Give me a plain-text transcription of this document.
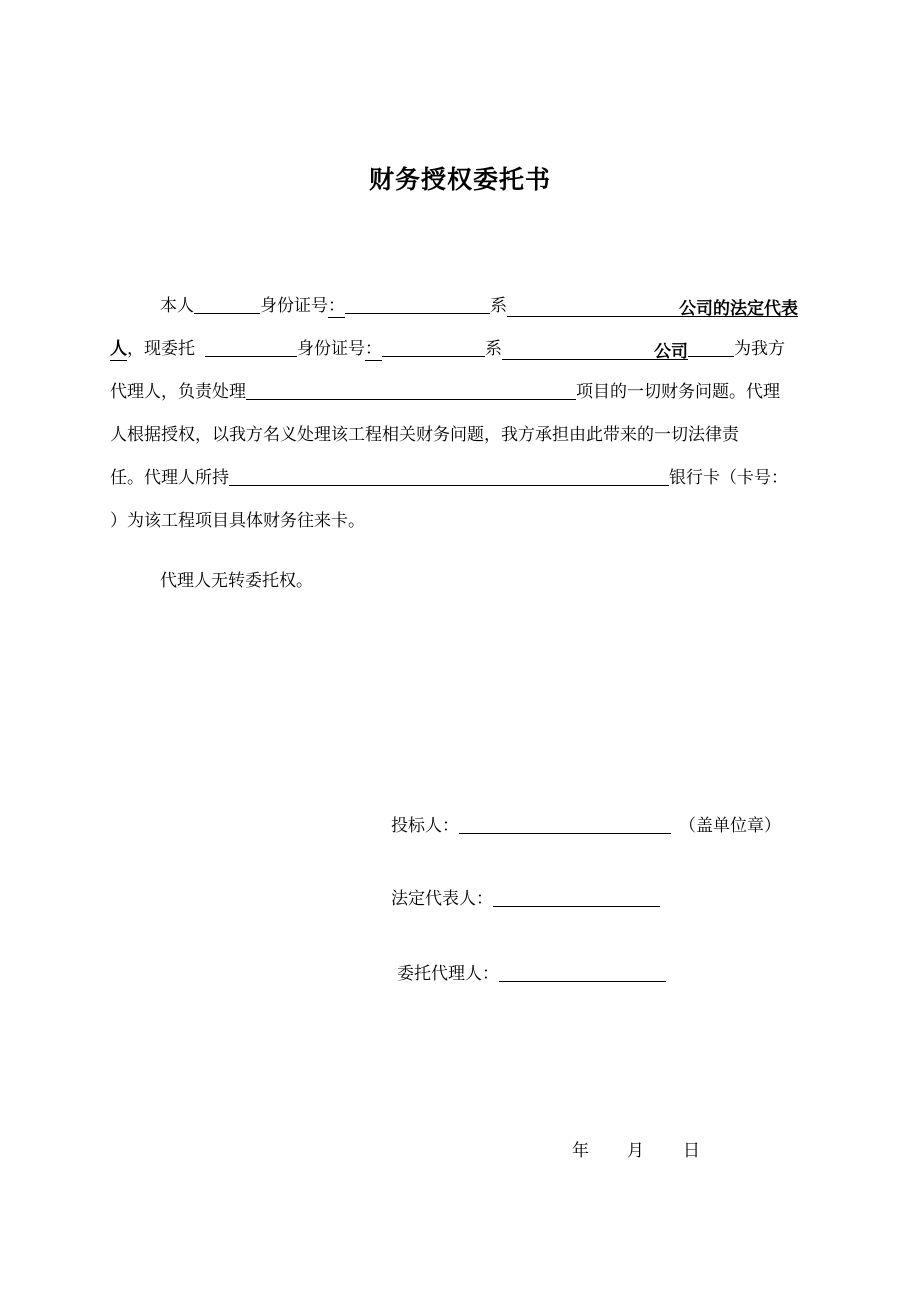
财务授权委托书
本人	身份证号：	系	公司的法定代表
人，现委托	身份证号：	系	公司	为我方
代理人，负责处理	项目的一切财务问题。代理
人根据授权，以我方名义处理该工程相关财务问题，我方承担由此带来的一切法律责
任。代理人所持	银行卡（卡号：
）为该工程项目具体财务往来卡。
代理人无转委托权。
投标人：	（盖单位章）
法定代表人：
委托代理人：
年 月 日
